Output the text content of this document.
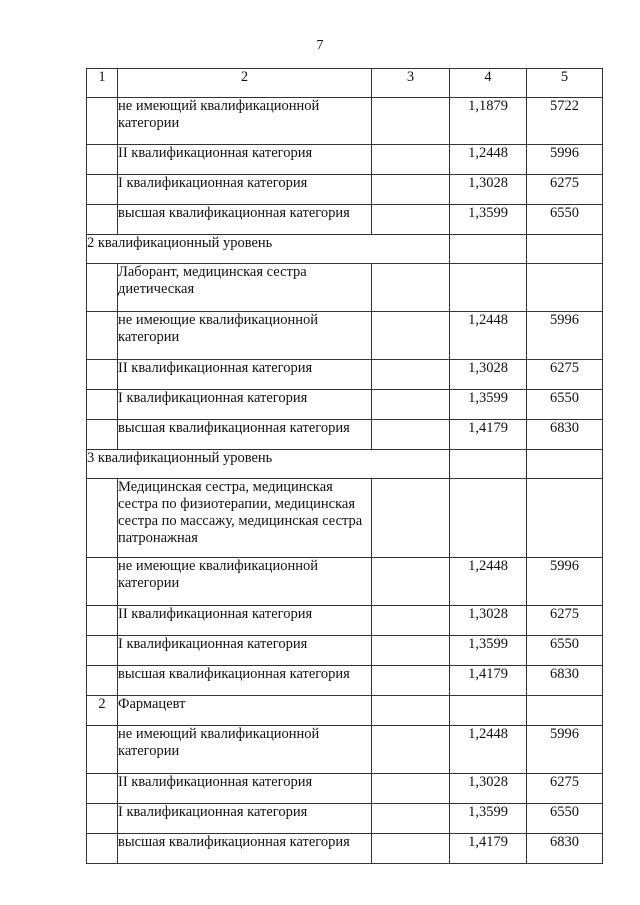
7
1	2	3	4	5
	не имеющий квалификационной категории		1,1879	5722
	II квалификационная категория		1,2448	5996
	I квалификационная категория		1,3028	6275
	высшая квалификационная категория		1,3599	6550
2 квалификационный уровень				
	Лаборант, медицинская сестра диетическая			
	не имеющие квалификационной категории		1,2448	5996
	II квалификационная категория		1,3028	6275
	I квалификационная категория		1,3599	6550
	высшая квалификационная категория		1,4179	6830
3 квалификационный уровень				
	Медицинская сестра, медицинская сестра по физиотерапии, медицинская сестра по массажу, медицинская сестра патронажная			
	не имеющие квалификационной категории		1,2448	5996
	II квалификационная категория		1,3028	6275
	I квалификационная категория		1,3599	6550
	высшая квалификационная категория		1,4179	6830
2	Фармацевт			
	не имеющий квалификационной категории		1,2448	5996
	II квалификационная категория		1,3028	6275
	I квалификационная категория		1,3599	6550
	высшая квалификационная категория		1,4179	6830
